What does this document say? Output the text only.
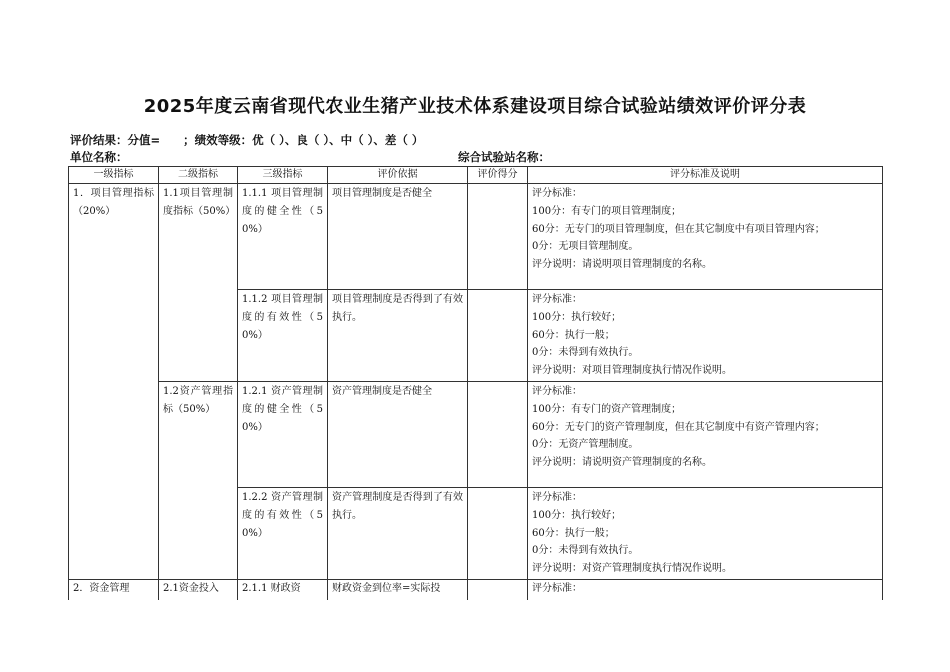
2025年度云南省现代农业生猪产业技术体系建设项目综合试验站绩效评价评分表
评价结果：分值=　　；绩效等级：优（ ）、良（ ）、中（ ）、差（ ）
单位名称：	综合试验站名称：
一级指标	二级指标	三级指标	评价依据	评价得分	评分标准及说明
1．项目管理指标（20%）	1.1项目管理制度指标（50%）	1.1.1 项目管理制度的健全性（50%）	项目管理制度是否健全		评分标准：
100分：有专门的项目管理制度；
60分：无专门的项目管理制度，但在其它制度中有项目管理内容；
0分：无项目管理制度。
评分说明：请说明项目管理制度的名称。

		1.1.2 项目管理制度的有效性（50%）	项目管理制度是否得到了有效执行。		评分标准：
100分：执行较好；
60分：执行一般；
0分：未得到有效执行。
评分说明：对项目管理制度执行情况作说明。

	1.2资产管理指标（50%）	1.2.1 资产管理制度的健全性（50%）	资产管理制度是否健全		评分标准：
100分：有专门的资产管理制度；
60分：无专门的资产管理制度，但在其它制度中有资产管理内容；
0分：无资产管理制度。
评分说明：请说明资产管理制度的名称。

		1.2.2 资产管理制度的有效性（50%）	资产管理制度是否得到了有效执行。		评分标准：
100分：执行较好；
60分：执行一般；
0分：未得到有效执行。
评分说明：对资产管理制度执行情况作说明。

2．资金管理	2.1资金投入	2.1.1 财政资	财政资金到位率=实际投		评分标准：
